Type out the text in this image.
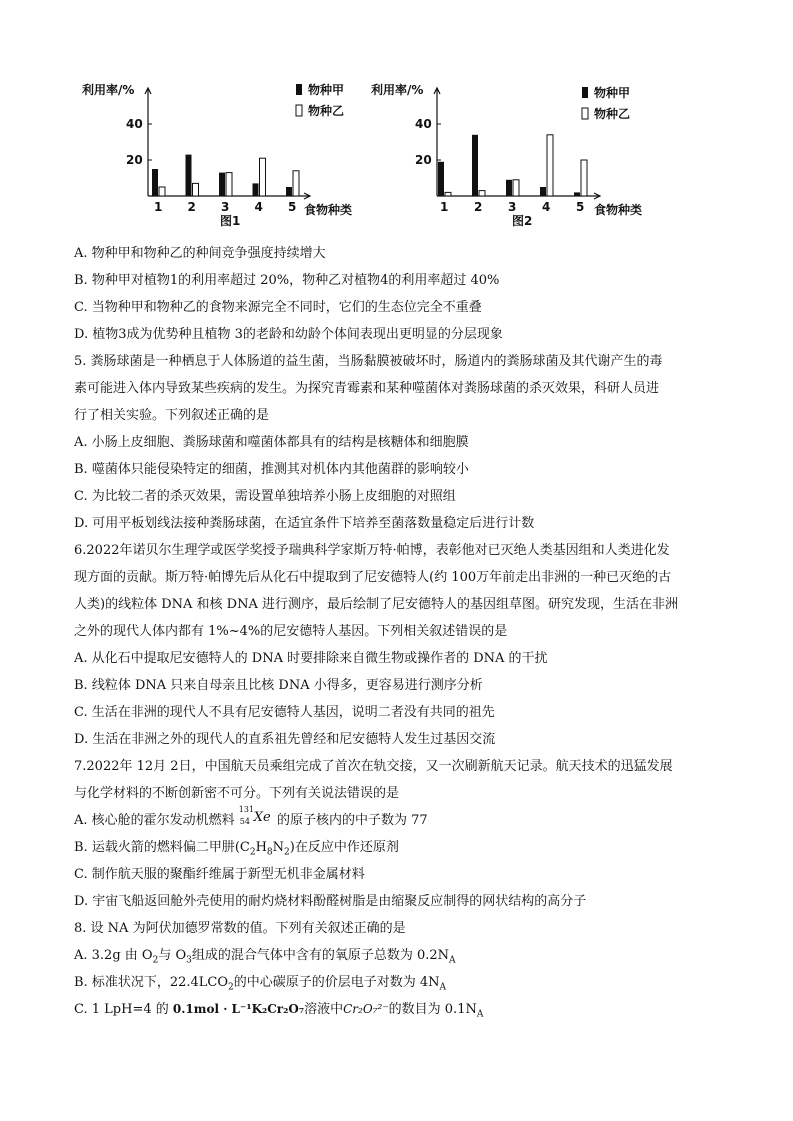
利用率/%
20
40
1 2 3 4 5 食物种类
图1
物种甲
物种乙
利用率/%
20
40
1 2 3 4 5 食物种类
图2
物种甲
物种乙
A. 物种甲和物种乙的种间竞争强度持续增大
B. 物种甲对植物1的利用率超过 20%，物种乙对植物4的利用率超过 40%
C. 当物种甲和物种乙的食物来源完全不同时，它们的生态位完全不重叠
D. 植物3成为优势种且植物 3的老龄和幼龄个体间表现出更明显的分层现象
5. 粪肠球菌是一种栖息于人体肠道的益生菌，当肠黏膜被破坏时，肠道内的粪肠球菌及其代谢产生的毒
素可能进入体内导致某些疾病的发生。为探究青霉素和某种噬菌体对粪肠球菌的杀灭效果，科研人员进
行了相关实验。下列叙述正确的是
A. 小肠上皮细胞、粪肠球菌和噬菌体都具有的结构是核糖体和细胞膜
B. 噬菌体只能侵染特定的细菌，推测其对机体内其他菌群的影响较小
C. 为比较二者的杀灭效果，需设置单独培养小肠上皮细胞的对照组
D. 可用平板划线法接种粪肠球菌，在适宜条件下培养至菌落数量稳定后进行计数
6.2022年诺贝尔生理学或医学奖授予瑞典科学家斯万特·帕博，表彰他对已灭绝人类基因组和人类进化发
现方面的贡献。斯万特·帕博先后从化石中提取到了尼安德特人(约 100万年前走出非洲的一种已灭绝的古
人类)的线粒体 DNA 和核 DNA 进行测序，最后绘制了尼安德特人的基因组草图。研究发现，生活在非洲
之外的现代人体内都有 1%~4%的尼安德特人基因。下列相关叙述错误的是
A. 从化石中提取尼安德特人的 DNA 时要排除来自微生物或操作者的 DNA 的干扰
B. 线粒体 DNA 只来自母亲且比核 DNA 小得多，更容易进行测序分析
C. 生活在非洲的现代人不具有尼安德特人基因，说明二者没有共同的祖先
D. 生活在非洲之外的现代人的直系祖先曾经和尼安德特人发生过基因交流
7.2022年 12月 2日，中国航天员乘组完成了首次在轨交接，又一次刷新航天记录。航天技术的迅猛发展
与化学材料的不断创新密不可分。下列有关说法错误的是
A. 核心舱的霍尔发动机燃料
131
54 Xe 的原子核内的中子数为 77
B. 运载火箭的燃料偏二甲肼$(C_2H_8N_2)$在反应中作还原剂
C. 制作航天服的聚酯纤维属于新型无机非金属材料
D. 宇宙飞船返回舱外壳使用的耐灼烧材料酚醛树脂是由缩聚反应制得的网状结构的高分子
8. 设 NA 为阿伏加德罗常数的值。下列有关叙述正确的是
A. 3.2g 由 $O_2$与 $O_3$组成的混合气体中含有的氧原子总数为 $0.2N_A$
B. 标准状况下，$22.4LCO_2$的中心碳原子的价层电子对数为 $4N_A$
C. 1 LpH=4 的 0.1mol · L⁻¹K₂Cr₂O₇溶液中Cr₂O₇²⁻的数目为 $0.1N_A$
